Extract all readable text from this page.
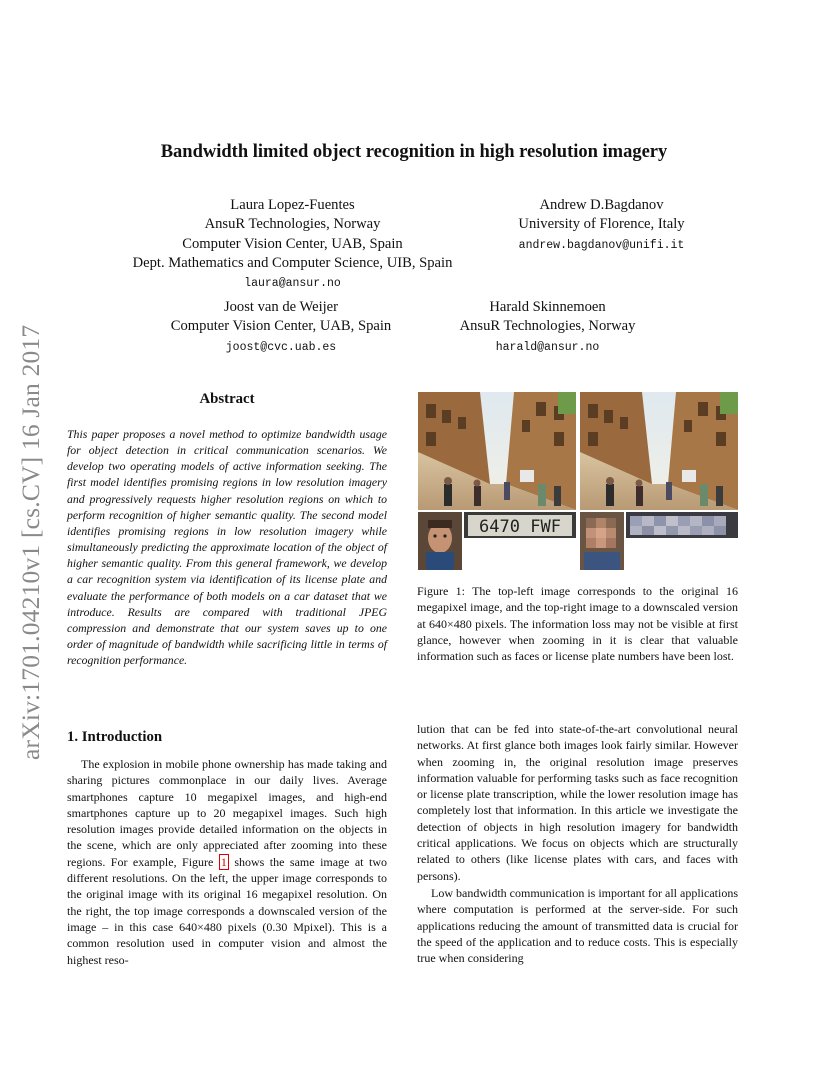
arXiv:1701.04210v1 [cs.CV] 16 Jan 2017
Bandwidth limited object recognition in high resolution imagery
Laura Lopez-Fuentes
AnsuR Technologies, Norway
Computer Vision Center, UAB, Spain
Dept. Mathematics and Computer Science, UIB, Spain
laura@ansur.no
Andrew D.Bagdanov
University of Florence, Italy
andrew.bagdanov@unifi.it
Joost van de Weijer
Computer Vision Center, UAB, Spain
joost@cvc.uab.es
Harald Skinnemoen
AnsuR Technologies, Norway
harald@ansur.no
Abstract
This paper proposes a novel method to optimize bandwidth usage for object detection in critical communication scenarios. We develop two operating models of active information seeking. The first model identifies promising regions in low resolution imagery and progressively requests higher resolution regions on which to perform recognition of higher semantic quality. The second model identifies promising regions in low resolution imagery while simultaneously predicting the approximate location of the object of higher semantic quality. From this general framework, we develop a car recognition system via identification of its license plate and evaluate the performance of both models on a car dataset that we introduce. Results are compared with traditional JPEG compression and demonstrate that our system saves up to one order of magnitude of bandwidth while sacrificing little in terms of recognition performance.
6470 FWF
Figure 1: The top-left image corresponds to the original 16 megapixel image, and the top-right image to a downscaled version at 640×480 pixels. The information loss may not be visible at first glance, however when zooming in it is clear that valuable information such as faces or license plate numbers have been lost.
1. Introduction
The explosion in mobile phone ownership has made taking and sharing pictures commonplace in our daily lives. Average smartphones capture 10 megapixel images, and high-end smartphones capture up to 20 megapixel images. Such high resolution images provide detailed information on the objects in the scene, which are only appreciated after zooming into these regions. For example, Figure 1 shows the same image at two different resolutions. On the left, the upper image corresponds to the original image with its original 16 megapixel resolution. On the right, the top image corresponds a downscaled version of the image – in this case 640×480 pixels (0.30 Mpixel). This is a common resolution used in computer vision and almost the highest reso-
lution that can be fed into state-of-the-art convolutional neural networks. At first glance both images look fairly similar. However when zooming in, the original resolution image preserves information valuable for performing tasks such as face recognition or license plate transcription, while the lower resolution image has completely lost that information. In this article we investigate the detection of objects in high resolution imagery for bandwidth critical applications. We focus on objects which are structurally related to others (like license plates with cars, and faces with persons).
Low bandwidth communication is important for all applications where computation is performed at the server-side. For such applications reducing the amount of transmitted data is crucial for the speed of the application and to reduce costs. This is especially true when considering
